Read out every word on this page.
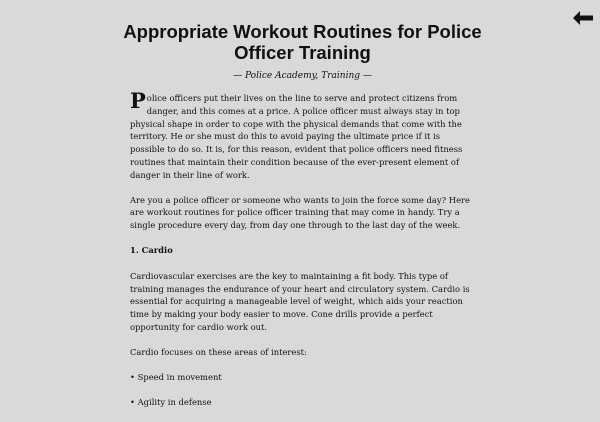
Appropriate Workout Routines for Police Officer Training
— Police Academy, Training —

Police officers put their lives on the line to serve and protect citizens from danger, and this comes at a price. A police officer must always stay in top physical shape in order to cope with the physical demands that come with the territory. He or she must do this to avoid paying the ultimate price if it is possible to do so. It is, for this reason, evident that police officers need fitness routines that maintain their condition because of the ever-present element of danger in their line of work.

Are you a police officer or someone who wants to join the force some day? Here are workout routines for police officer training that may come in handy. Try a single procedure every day, from day one through to the last day of the week.

1. Cardio

Cardiovascular exercises are the key to maintaining a fit body. This type of training manages the endurance of your heart and circulatory system. Cardio is essential for acquiring a manageable level of weight, which aids your reaction time by making your body easier to move. Cone drills provide a perfect opportunity for cardio work out.

Cardio focuses on these areas of interest:

• Speed in movement

• Agility in defense
